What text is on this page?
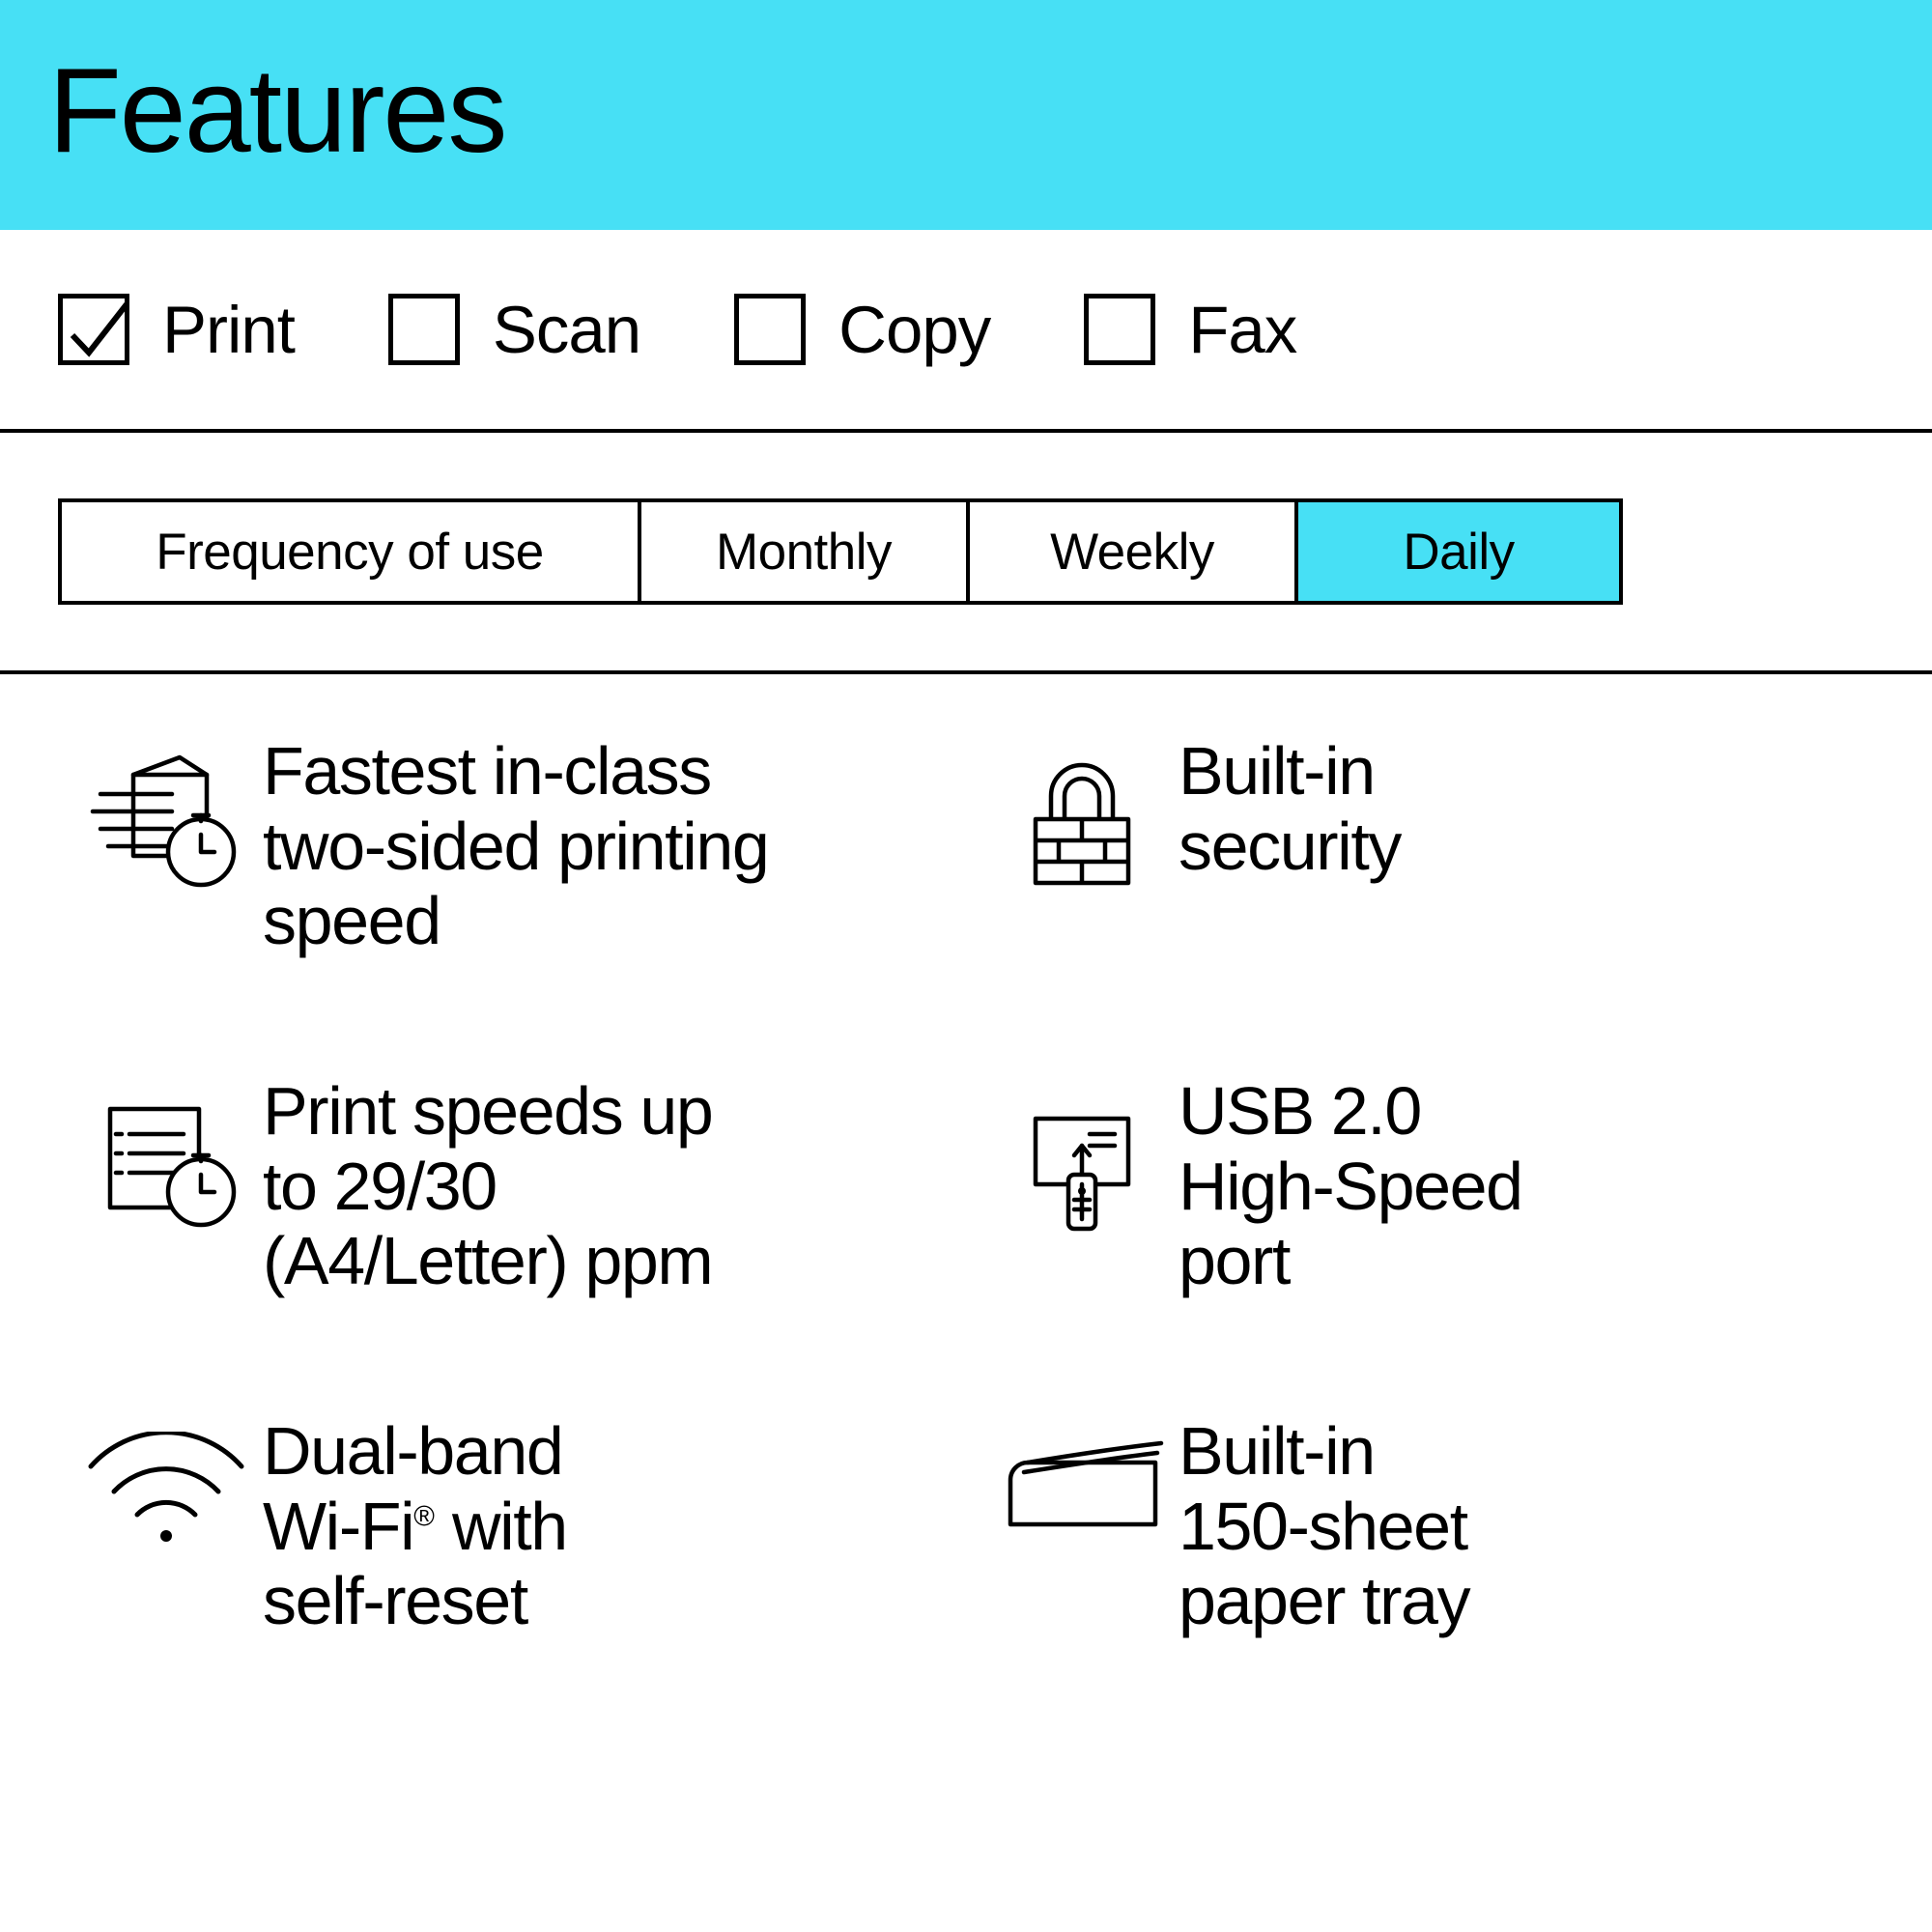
Features
Print	Scan	Copy	Fax
Frequency of use	Monthly	Weekly	Daily
Fastest in-class
two-sided printing
speed
Built-in
security
Print speeds up
to 29/30
(A4/Letter) ppm
USB 2.0
High-Speed
port
Dual-band
Wi-Fi® with
self-reset
Built-in
150-sheet
paper tray
